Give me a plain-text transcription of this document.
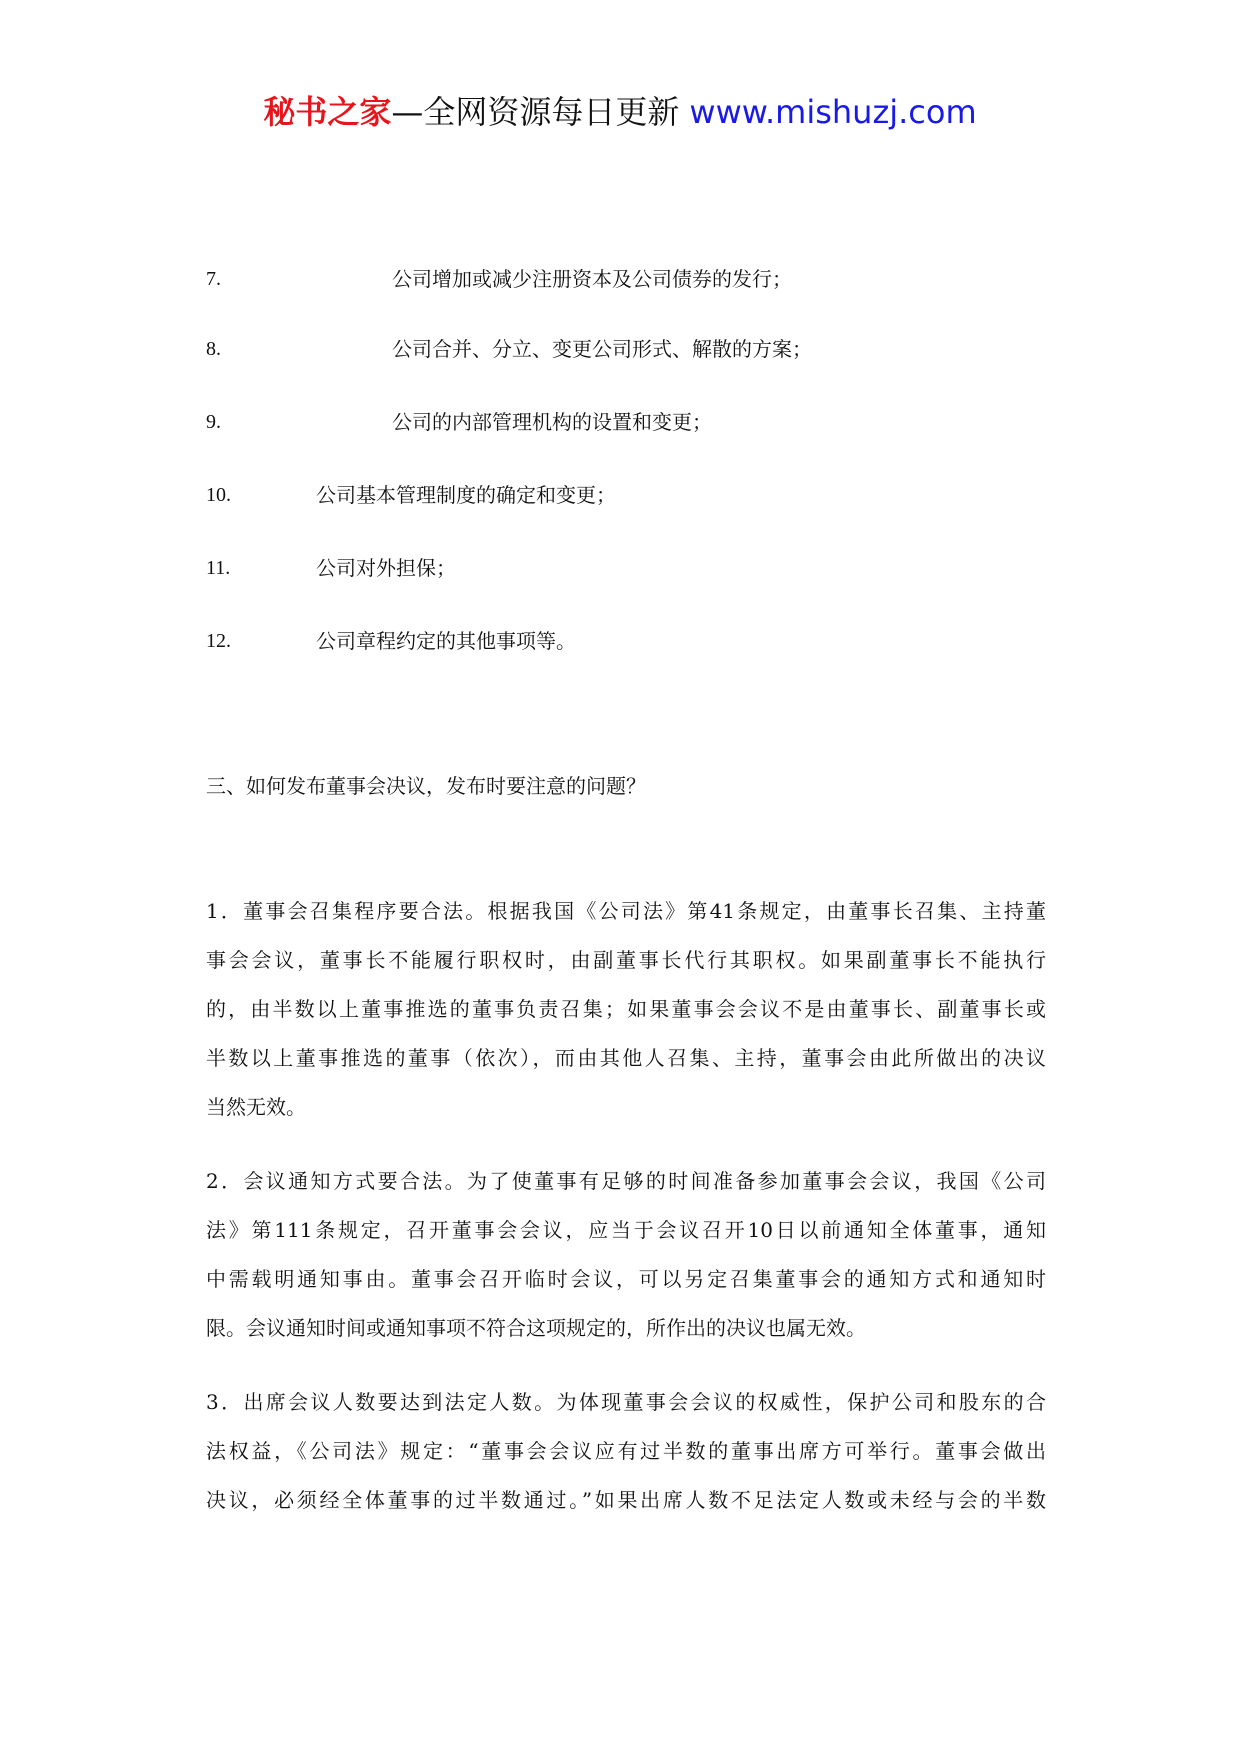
秘书之家—全网资源每日更新 www.mishuzj.com
7.	公司增加或减少注册资本及公司债券的发行；
8.	公司合并、分立、变更公司形式、解散的方案；
9.	公司的内部管理机构的设置和变更；
10.	公司基本管理制度的确定和变更；
11.	公司对外担保；
12.	公司章程约定的其他事项等。
三、如何发布董事会决议，发布时要注意的问题？
1．董事会召集程序要合法。根据我国《公司法》第41条规定，由董事长召集、主持董
事会会议，董事长不能履行职权时，由副董事长代行其职权。如果副董事长不能执行
的，由半数以上董事推选的董事负责召集；如果董事会会议不是由董事长、副董事长或
半数以上董事推选的董事（依次），而由其他人召集、主持，董事会由此所做出的决议
当然无效。
2．会议通知方式要合法。为了使董事有足够的时间准备参加董事会会议，我国《公司
法》第111条规定，召开董事会会议，应当于会议召开10日以前通知全体董事，通知
中需载明通知事由。董事会召开临时会议，可以另定召集董事会的通知方式和通知时
限。会议通知时间或通知事项不符合这项规定的，所作出的决议也属无效。
3．出席会议人数要达到法定人数。为体现董事会会议的权威性，保护公司和股东的合
法权益，《公司法》规定：“董事会会议应有过半数的董事出席方可举行。董事会做出
决议，必须经全体董事的过半数通过。”如果出席人数不足法定人数或未经与会的半数
